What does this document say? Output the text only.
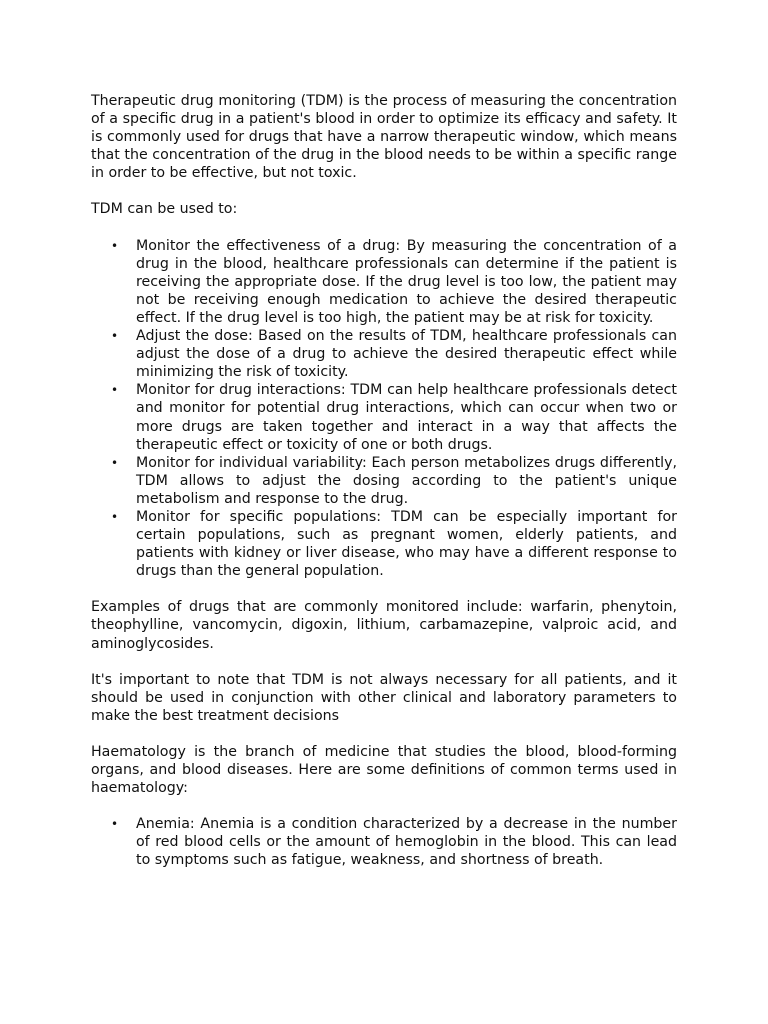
Therapeutic drug monitoring (TDM) is the process of measuring the concentration of a specific drug in a patient's blood in order to optimize its efficacy and safety. It is commonly used for drugs that have a narrow therapeutic window, which means that the concentration of the drug in the blood needs to be within a specific range in order to be effective, but not toxic.

TDM can be used to:

• Monitor the effectiveness of a drug: By measuring the concentration of a drug in the blood, healthcare professionals can determine if the patient is receiving the appropriate dose. If the drug level is too low, the patient may not be receiving enough medication to achieve the desired therapeutic effect. If the drug level is too high, the patient may be at risk for toxicity.
• Adjust the dose: Based on the results of TDM, healthcare professionals can adjust the dose of a drug to achieve the desired therapeutic effect while minimizing the risk of toxicity.
• Monitor for drug interactions: TDM can help healthcare professionals detect and monitor for potential drug interactions, which can occur when two or more drugs are taken together and interact in a way that affects the therapeutic effect or toxicity of one or both drugs.
• Monitor for individual variability: Each person metabolizes drugs differently, TDM allows to adjust the dosing according to the patient's unique metabolism and response to the drug.
• Monitor for specific populations: TDM can be especially important for certain populations, such as pregnant women, elderly patients, and patients with kidney or liver disease, who may have a different response to drugs than the general population.

Examples of drugs that are commonly monitored include: warfarin, phenytoin, theophylline, vancomycin, digoxin, lithium, carbamazepine, valproic acid, and aminoglycosides.

It's important to note that TDM is not always necessary for all patients, and it should be used in conjunction with other clinical and laboratory parameters to make the best treatment decisions

Haematology is the branch of medicine that studies the blood, blood-forming organs, and blood diseases. Here are some definitions of common terms used in haematology:

• Anemia: Anemia is a condition characterized by a decrease in the number of red blood cells or the amount of hemoglobin in the blood. This can lead to symptoms such as fatigue, weakness, and shortness of breath.
